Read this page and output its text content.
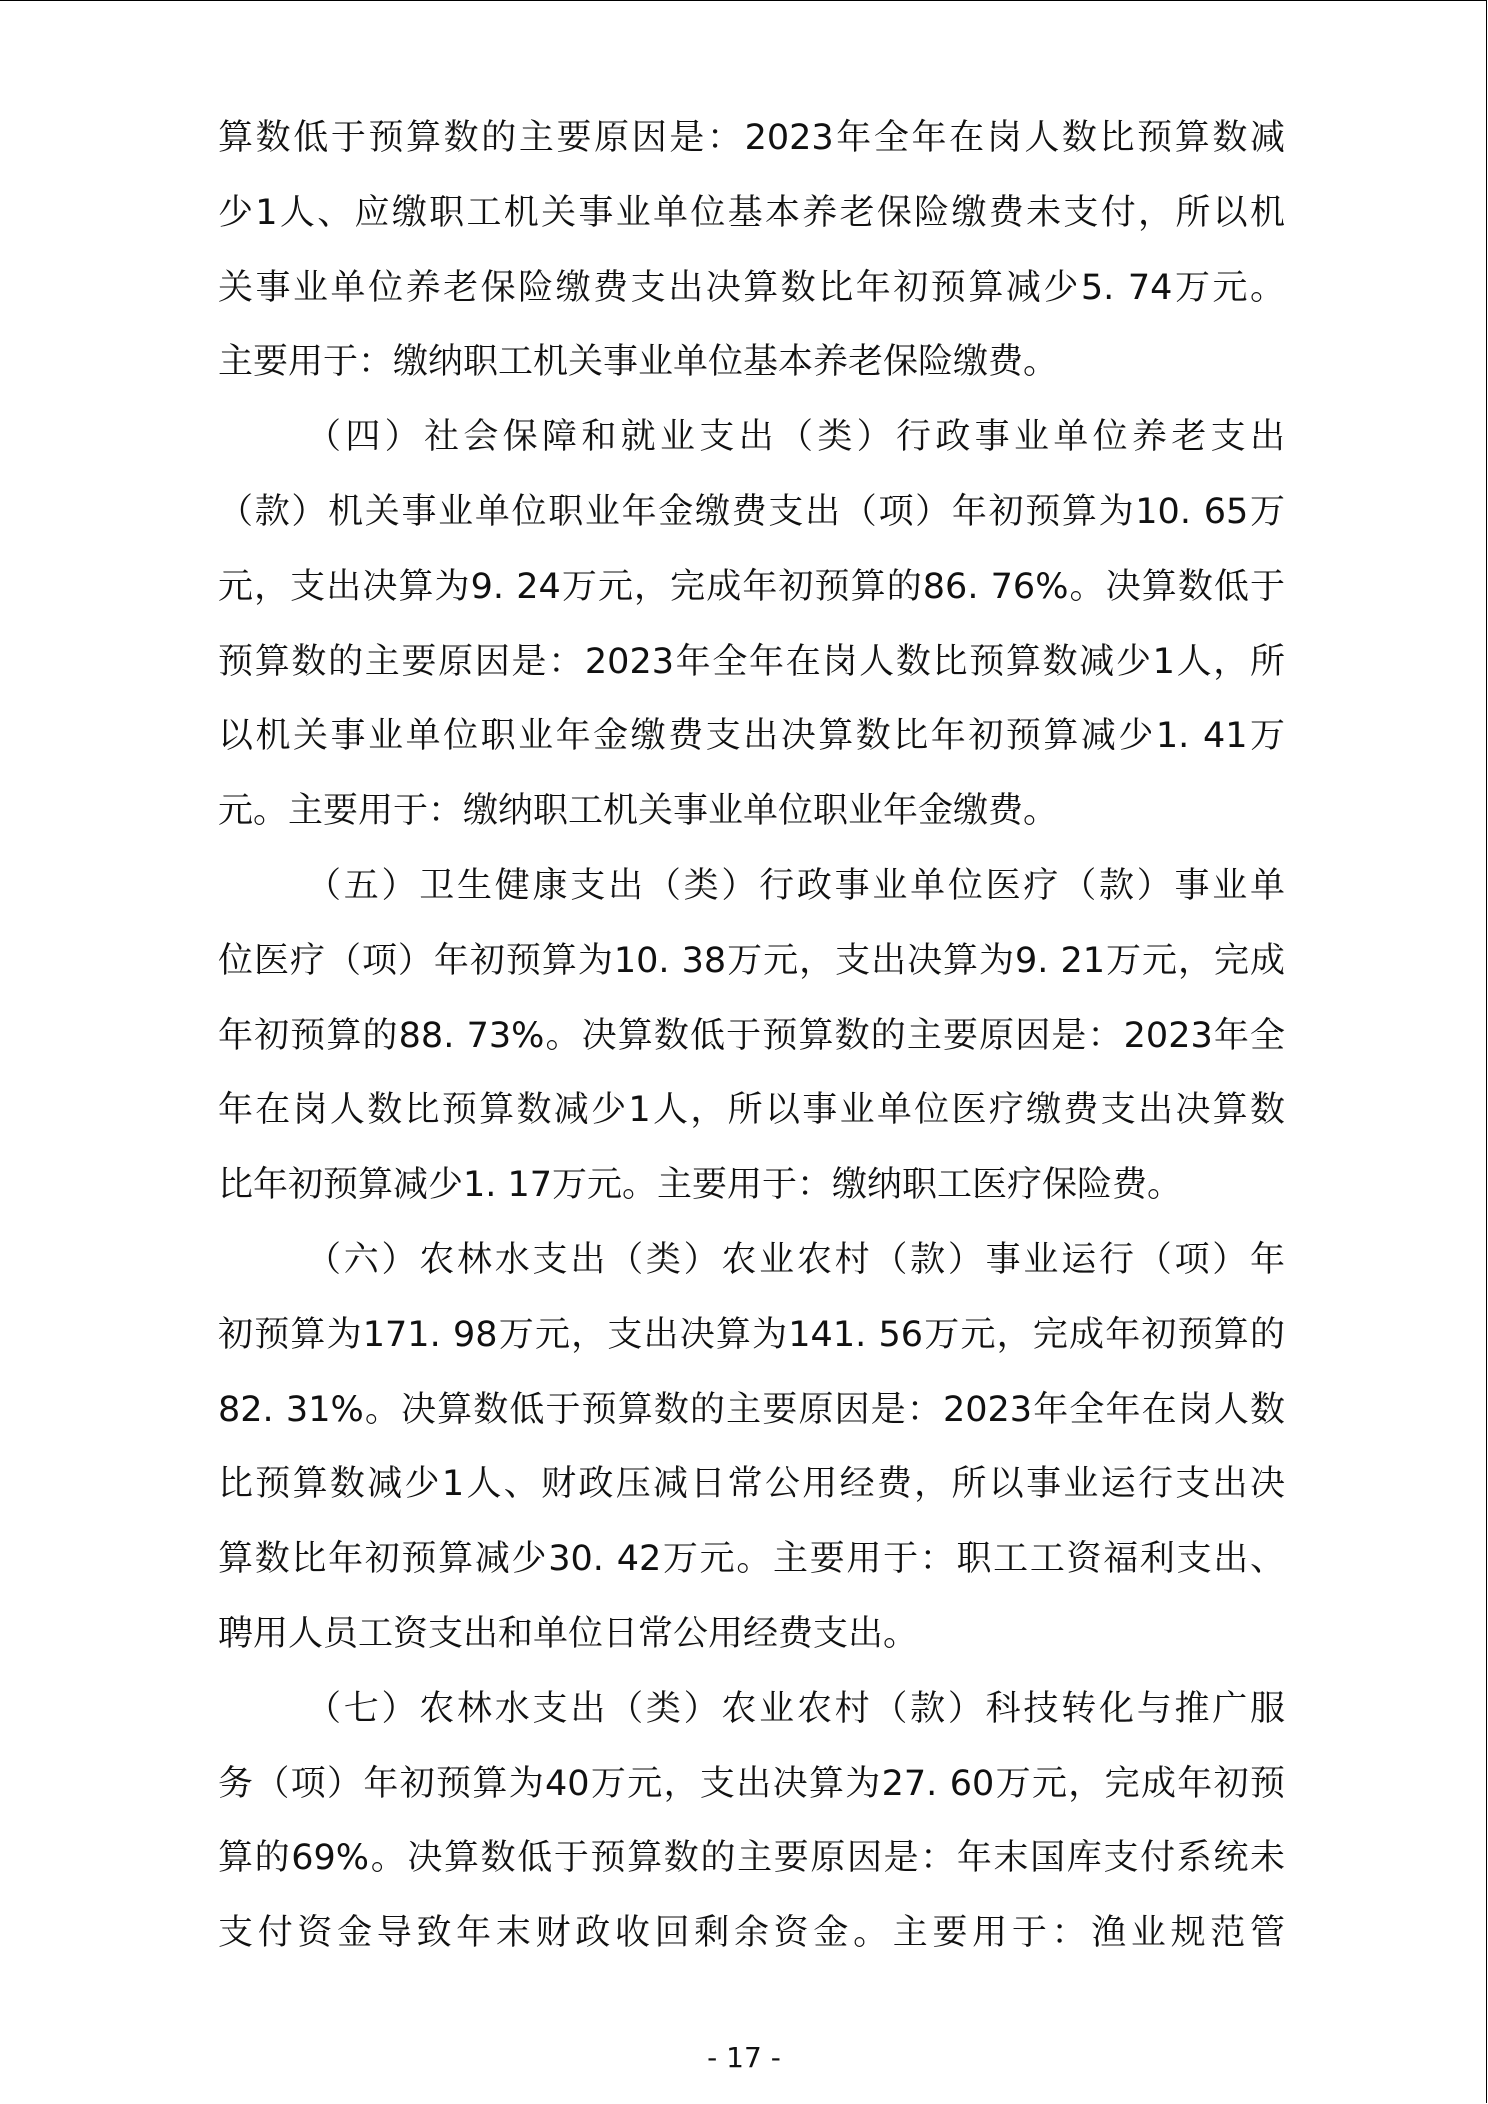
算数低于预算数的主要原因是：2023年全年在岗人数比预算数减
少1人、应缴职工机关事业单位基本养老保险缴费未支付，所以机
关事业单位养老保险缴费支出决算数比年初预算减少5. 74万元。
主要用于：缴纳职工机关事业单位基本养老保险缴费。
（四）社会保障和就业支出（类）行政事业单位养老支出
（款）机关事业单位职业年金缴费支出（项）年初预算为10. 65万
元，支出决算为9. 24万元，完成年初预算的86. 76%。决算数低于
预算数的主要原因是：2023年全年在岗人数比预算数减少1人，所
以机关事业单位职业年金缴费支出决算数比年初预算减少1. 41万
元。主要用于：缴纳职工机关事业单位职业年金缴费。
（五）卫生健康支出（类）行政事业单位医疗（款）事业单
位医疗（项）年初预算为10. 38万元，支出决算为9. 21万元，完成
年初预算的88. 73%。决算数低于预算数的主要原因是：2023年全
年在岗人数比预算数减少1人，所以事业单位医疗缴费支出决算数
比年初预算减少1. 17万元。主要用于：缴纳职工医疗保险费。
（六）农林水支出（类）农业农村（款）事业运行（项）年
初预算为171. 98万元，支出决算为141. 56万元，完成年初预算的
82. 31%。决算数低于预算数的主要原因是：2023年全年在岗人数
比预算数减少1人、财政压减日常公用经费，所以事业运行支出决
算数比年初预算减少30. 42万元。主要用于：职工工资福利支出、
聘用人员工资支出和单位日常公用经费支出。
（七）农林水支出（类）农业农村（款）科技转化与推广服
务（项）年初预算为40万元，支出决算为27. 60万元，完成年初预
算的69%。决算数低于预算数的主要原因是：年末国库支付系统未
支付资金导致年末财政收回剩余资金。主要用于：渔业规范管
- 17 -
